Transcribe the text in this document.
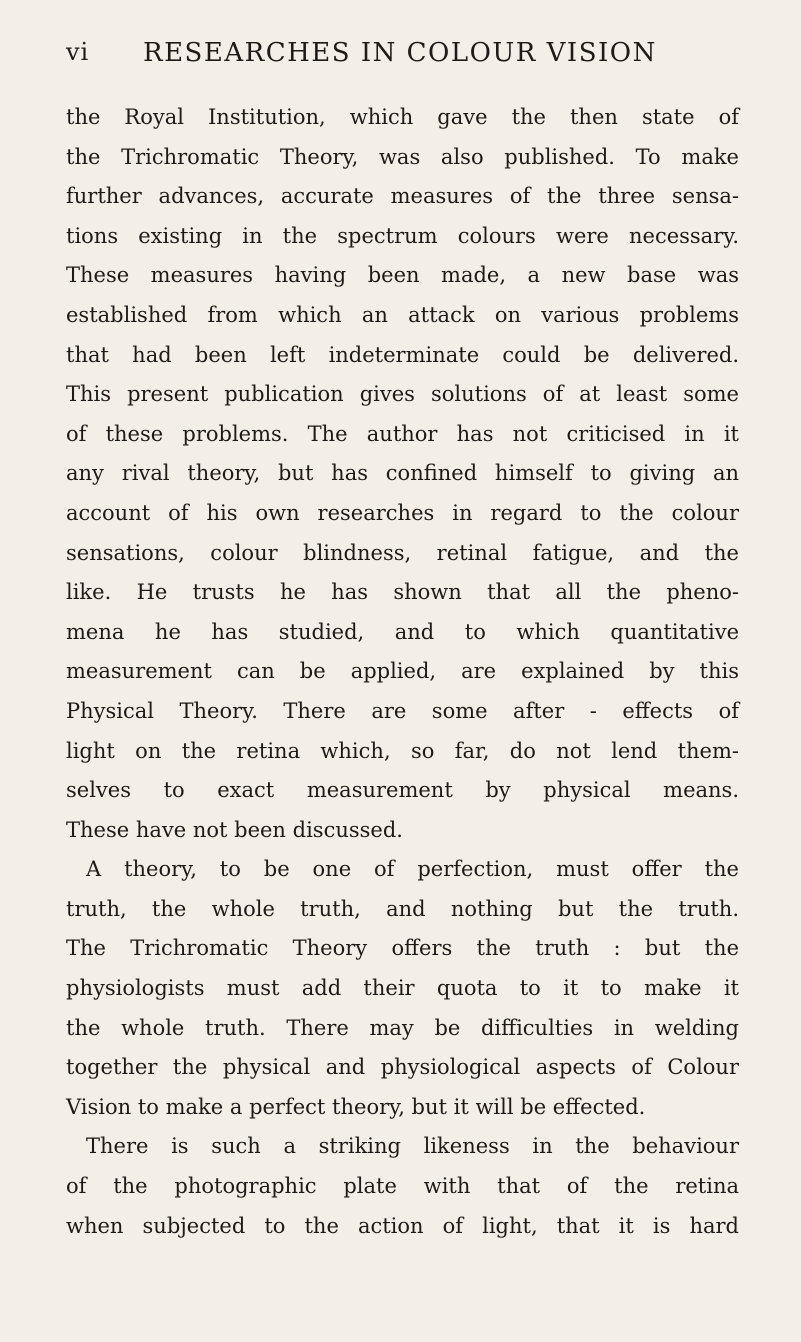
vi RESEARCHES IN COLOUR VISION
the Royal Institution, which gave the then state of
the Trichromatic Theory, was also published. To make
further advances, accurate measures of the three sensa-
tions existing in the spectrum colours were necessary.
These measures having been made, a new base was
established from which an attack on various problems
that had been left indeterminate could be delivered.
This present publication gives solutions of at least some
of these problems. The author has not criticised in it
any rival theory, but has confined himself to giving an
account of his own researches in regard to the colour
sensations, colour blindness, retinal fatigue, and the
like. He trusts he has shown that all the pheno-
mena he has studied, and to which quantitative
measurement can be applied, are explained by this
Physical Theory. There are some after - effects of
light on the retina which, so far, do not lend them-
selves to exact measurement by physical means.
These have not been discussed.
A theory, to be one of perfection, must offer the
truth, the whole truth, and nothing but the truth.
The Trichromatic Theory offers the truth : but the
physiologists must add their quota to it to make it
the whole truth. There may be difficulties in welding
together the physical and physiological aspects of Colour
Vision to make a perfect theory, but it will be effected.
There is such a striking likeness in the behaviour
of the photographic plate with that of the retina
when subjected to the action of light, that it is hard
